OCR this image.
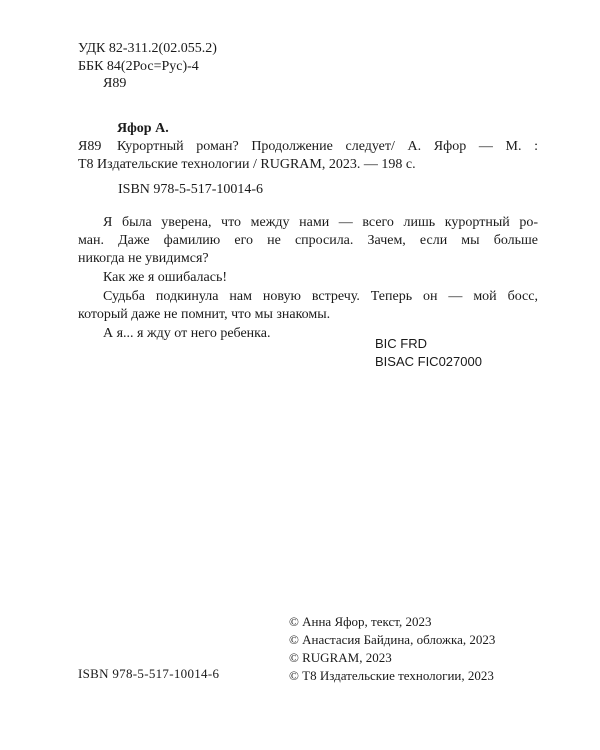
УДК 82-311.2(02.055.2)
ББК 84(2Рос=Рус)-4
Я89
Яфор А.
Я89 Курортный роман? Продолжение следует/ А. Яфор — М. :
Т8 Издательские технологии / RUGRAM, 2023. — 198 с.
ISBN 978-5-517-10014-6
Я была уверена, что между нами — всего лишь курортный ро-
ман. Даже фамилию его не спросила. Зачем, если мы больше
никогда не увидимся?
Как же я ошибалась!
Судьба подкинула нам новую встречу. Теперь он — мой босс,
который даже не помнит, что мы знакомы.
А я... я жду от него ребенка.
BIC FRD
BISAC FIC027000
© Анна Яфор, текст, 2023
© Анастасия Байдина, обложка, 2023
© RUGRAM, 2023
© Т8 Издательские технологии, 2023
ISBN 978-5-517-10014-6
